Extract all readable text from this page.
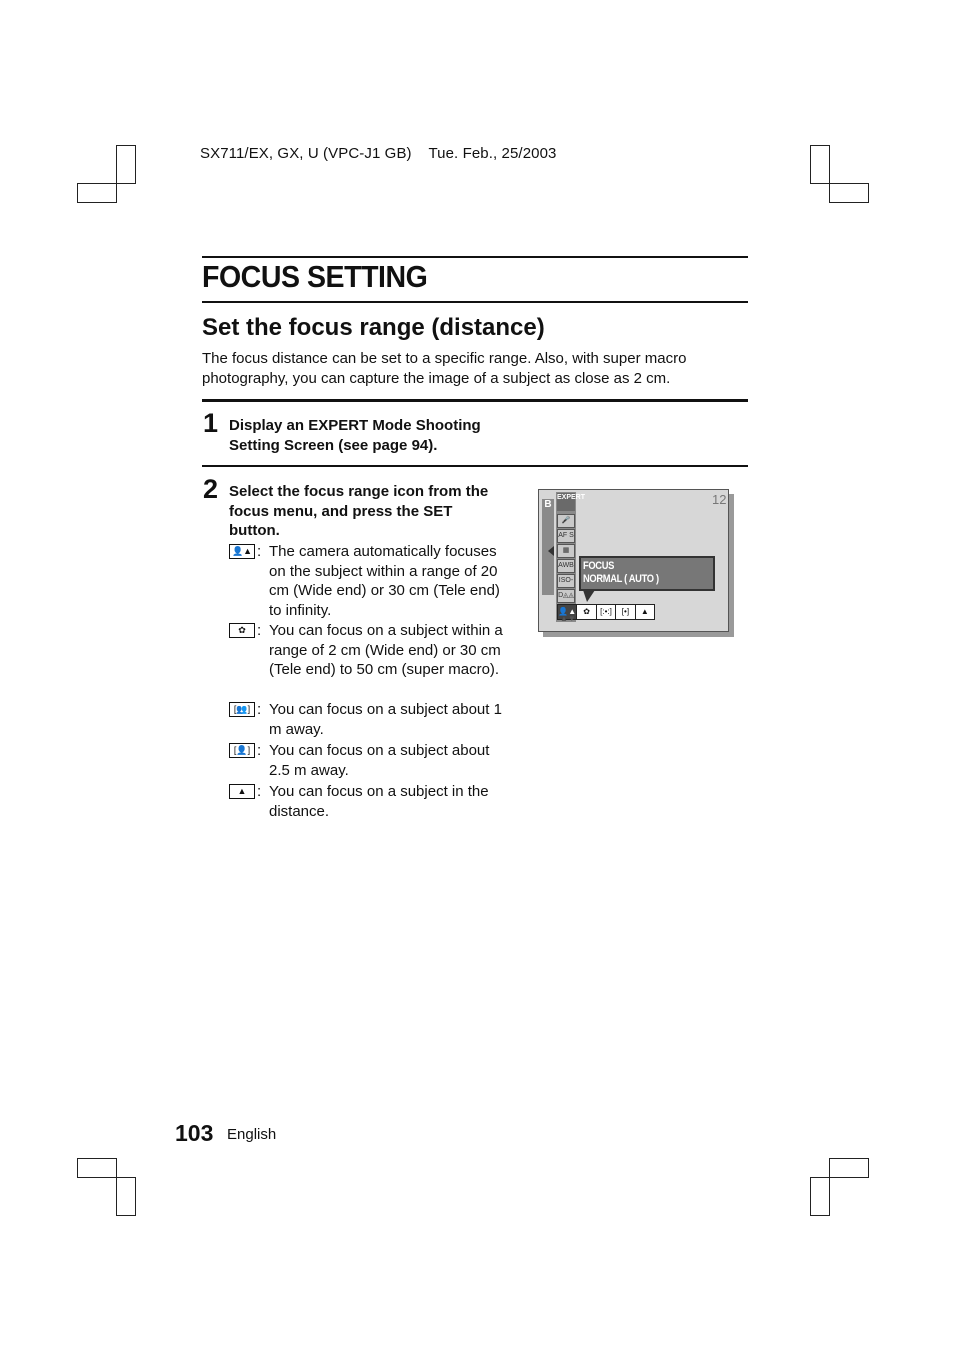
SX711/EX, GX, U (VPC-J1 GB) Tue. Feb., 25/2003
FOCUS SETTING
Set the focus range (distance)
The focus distance can be set to a specific range. Also, with super macro photography, you can capture the image of a subject as close as 2 cm.
1 Display an EXPERT Mode Shooting
Setting Screen (see page 94).
2 Select the focus range icon from the
focus menu, and press the SET
button.
👤▲ : The camera automatically focuses on the subject within a range of 20 cm (Wide end) or 30 cm (Tele end) to infinity.
✿ : You can focus on a subject within a range of 2 cm (Wide end) or 30 cm (Tele end) to 50 cm (super macro).
[👥] : You can focus on a subject about 1 m away.
[👤] : You can focus on a subject about 2.5 m away.
▲ : You can focus on a subject in the distance.
12
B
EXPERT
🎤
AF S
▦
AWB
ISO-
D◬◬
FOCUS
NORMAL ( AUTO )
👤▲ ✿	[:•:]	[•]	▲
▲▼
103 English
